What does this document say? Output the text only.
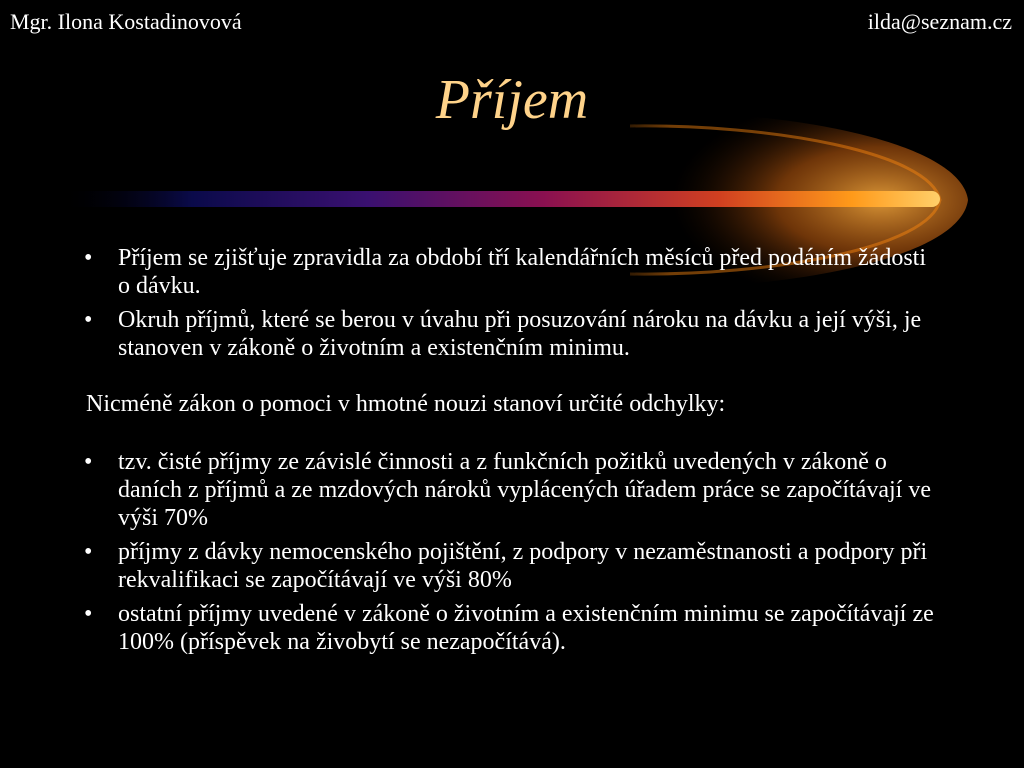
Mgr. Ilona Kostadinovová	ilda@seznam.cz
Příjem
• Příjem se zjišťuje zpravidla za období tří kalendářních měsíců před podáním žádosti o dávku.
• Okruh příjmů, které se berou v úvahu při posuzování nároku na dávku a její výši, je stanoven v zákoně o životním a existenčním minimu.
Nicméně zákon o pomoci v hmotné nouzi stanoví určité odchylky:
• tzv. čisté příjmy ze závislé činnosti a z funkčních požitků uvedených v zákoně o daních z příjmů a ze mzdových nároků vyplácených úřadem práce se započítávají ve výši 70%
• příjmy z dávky nemocenského pojištění, z podpory v nezaměstnanosti a podpory při rekvalifikaci se započítávají ve výši 80%
• ostatní příjmy uvedené v zákoně o životním a existenčním minimu se započítávají ze 100% (příspěvek na živobytí se nezapočítává).
